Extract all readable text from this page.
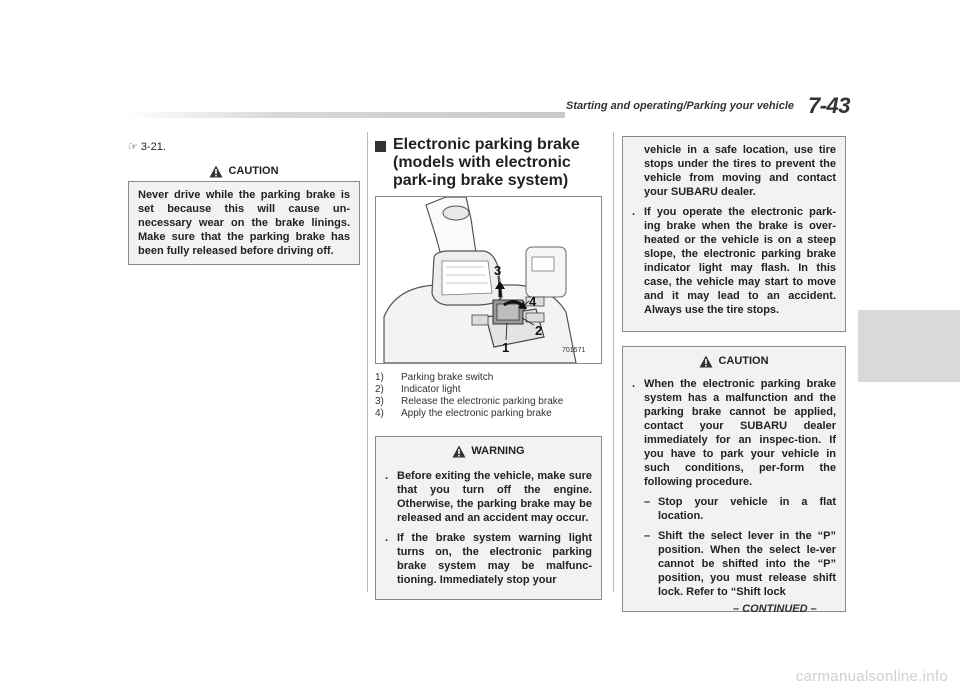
Starting and operating/Parking your vehicle 7-43
☞ 3-21.
CAUTION

Never drive while the parking brake is set because this will cause un-necessary wear on the brake linings. Make sure that the parking brake has been fully released before driving off.

Electronic parking brake (models with electronic park-ing brake system)
3
4
2
1	701571
1)	Parking brake switch
2)	Indicator light
3)	Release the electronic parking brake
4)	Apply the electronic parking brake
WARNING
. Before exiting the vehicle, make sure that you turn off the engine. Otherwise, the parking brake may be released and an accident may occur.
. If the brake system warning light turns on, the electronic parking brake system may be malfunc-tioning. Immediately stop your

vehicle in a safe location, use tire stops under the tires to prevent the vehicle from moving and contact your SUBARU dealer.

. If you operate the electronic park-ing brake when the brake is over-heated or the vehicle is on a steep slope, the electronic parking brake indicator light may flash. In this case, the vehicle may start to move and it may lead to an accident. Always use the tire stops.
CAUTION
. When the electronic parking brake system has a malfunction and the parking brake cannot be applied, contact your SUBARU dealer immediately for an inspec-tion. If you have to park your vehicle in such conditions, per-form the following procedure.
– Stop your vehicle in a flat location.
– Shift the select lever in the “P” position. When the select le-ver cannot be shifted into the “P” position, you must release shift lock. Refer to “Shift lock
– CONTINUED –
carmanualsonline.info
